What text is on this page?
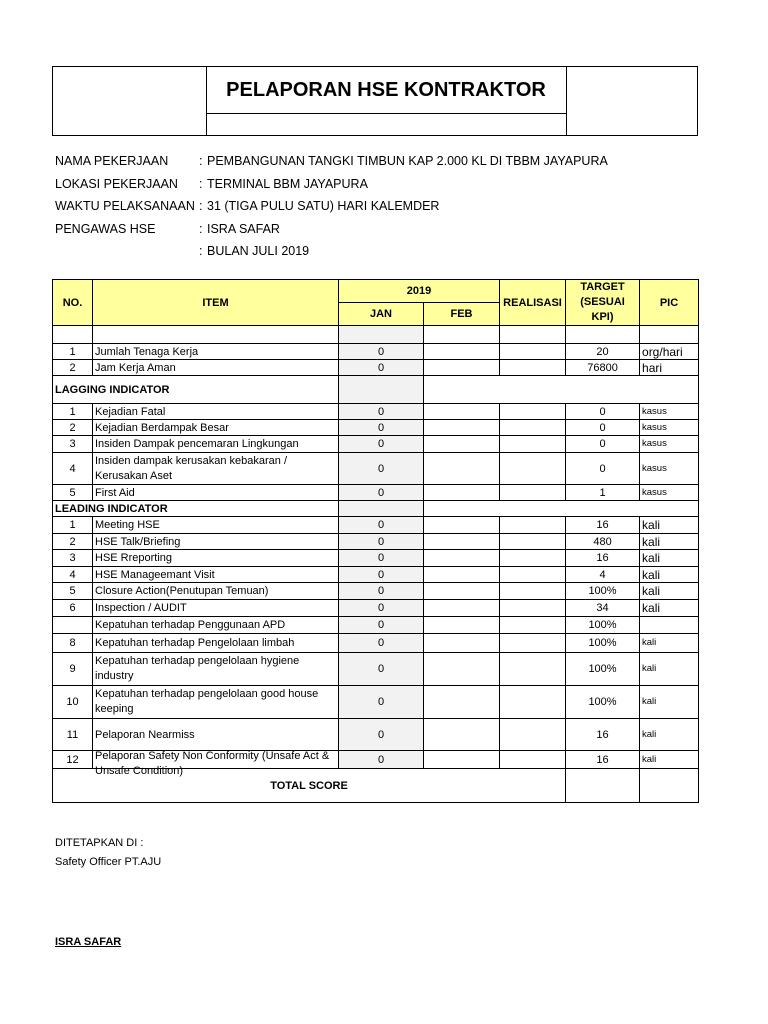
PELAPORAN HSE KONTRAKTOR
NAMA PEKERJAAN	: PEMBANGUNAN TANGKI TIMBUN KAP 2.000 KL DI TBBM JAYAPURA
LOKASI PEKERJAAN	: TERMINAL BBM JAYAPURA
WAKTU PELAKSANAAN : 31 (TIGA PULU SATU) HARI KALEMDER
PENGAWAS HSE	: ISRA SAFAR
: BULAN JULI 2019
NO.	ITEM	2019		REALISASI	TARGET (SESUAI KPI)	PIC
		JAN	FEB			

1	Jumlah Tenaga Kerja	0			20	org/hari
2	Jam Kerja Aman	0			76800	hari
LAGGING INDICATOR						
1	Kejadian Fatal	0			0	kasus
2	Kejadian Berdampak Besar	0			0	kasus
3	Insiden Dampak pencemaran Lingkungan	0			0	kasus
4	Insiden dampak kerusakan kebakaran / Kerusakan Aset	0			0	kasus
5	First Aid	0			1	kasus
LEADING INDICATOR						
1	Meeting HSE	0			16	kali
2	HSE Talk/Briefing	0			480	kali
3	HSE Rreporting	0			16	kali
4	HSE Manageemant Visit	0			4	kali
5	Closure Action(Penutupan Temuan)	0			100%	kali
6	Inspection / AUDIT	0			34	kali
	Kepatuhan terhadap Penggunaan APD	0			100%	
8	Kepatuhan terhadap Pengelolaan limbah	0			100%	kali
9	Kepatuhan terhadap pengelolaan hygiene industry	0			100%	kali
10	Kepatuhan terhadap pengelolaan good house keeping	0			100%	kali
11	Pelaporan Nearmiss	0			16	kali
12	Pelaporan Safety Non Conformity (Unsafe Act & Unsafe Condition)	0			16	kali
TOTAL SCORE						
DITETAPKAN DI :
Safety Officer PT.AJU
ISRA SAFAR
